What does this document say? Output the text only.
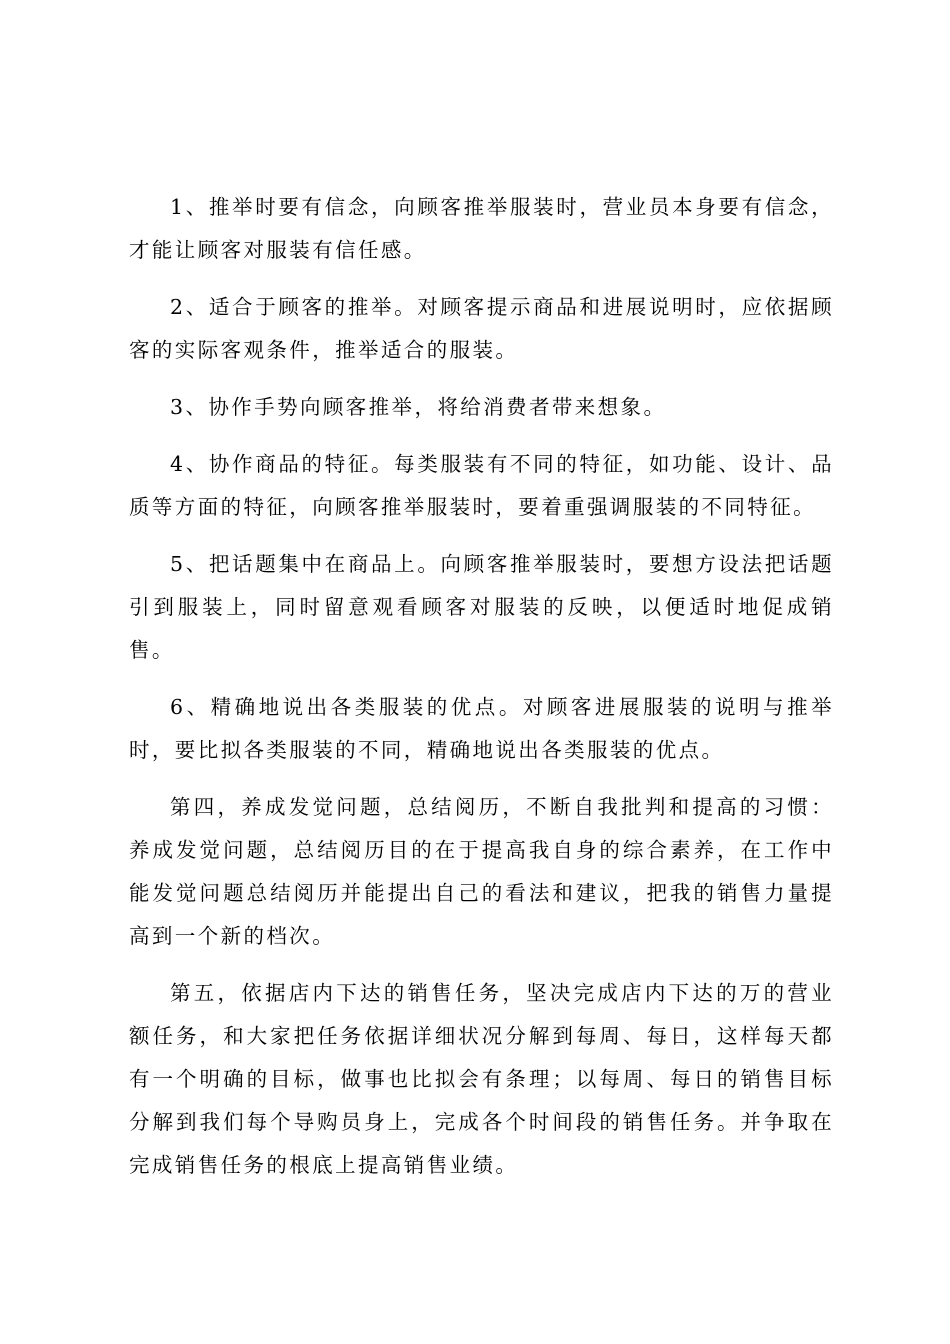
1、推举时要有信念，向顾客推举服装时，营业员本身要有信念，才能让顾客对服装有信任感。

2、适合于顾客的推举。对顾客提示商品和进展说明时，应依据顾客的实际客观条件，推举适合的服装。

3、协作手势向顾客推举，将给消费者带来想象。

4、协作商品的特征。每类服装有不同的特征，如功能、设计、品质等方面的特征，向顾客推举服装时，要着重强调服装的不同特征。

5、把话题集中在商品上。向顾客推举服装时，要想方设法把话题引到服装上，同时留意观看顾客对服装的反映，以便适时地促成销售。

6、精确地说出各类服装的优点。对顾客进展服装的说明与推举时，要比拟各类服装的不同，精确地说出各类服装的优点。

第四，养成发觉问题，总结阅历，不断自我批判和提高的习惯：养成发觉问题，总结阅历目的在于提高我自身的综合素养，在工作中能发觉问题总结阅历并能提出自己的看法和建议，把我的销售力量提高到一个新的档次。

第五，依据店内下达的销售任务，坚决完成店内下达的万的营业额任务，和大家把任务依据详细状况分解到每周、每日，这样每天都有一个明确的目标，做事也比拟会有条理；以每周、每日的销售目标分解到我们每个导购员身上，完成各个时间段的销售任务。并争取在完成销售任务的根底上提高销售业绩。
